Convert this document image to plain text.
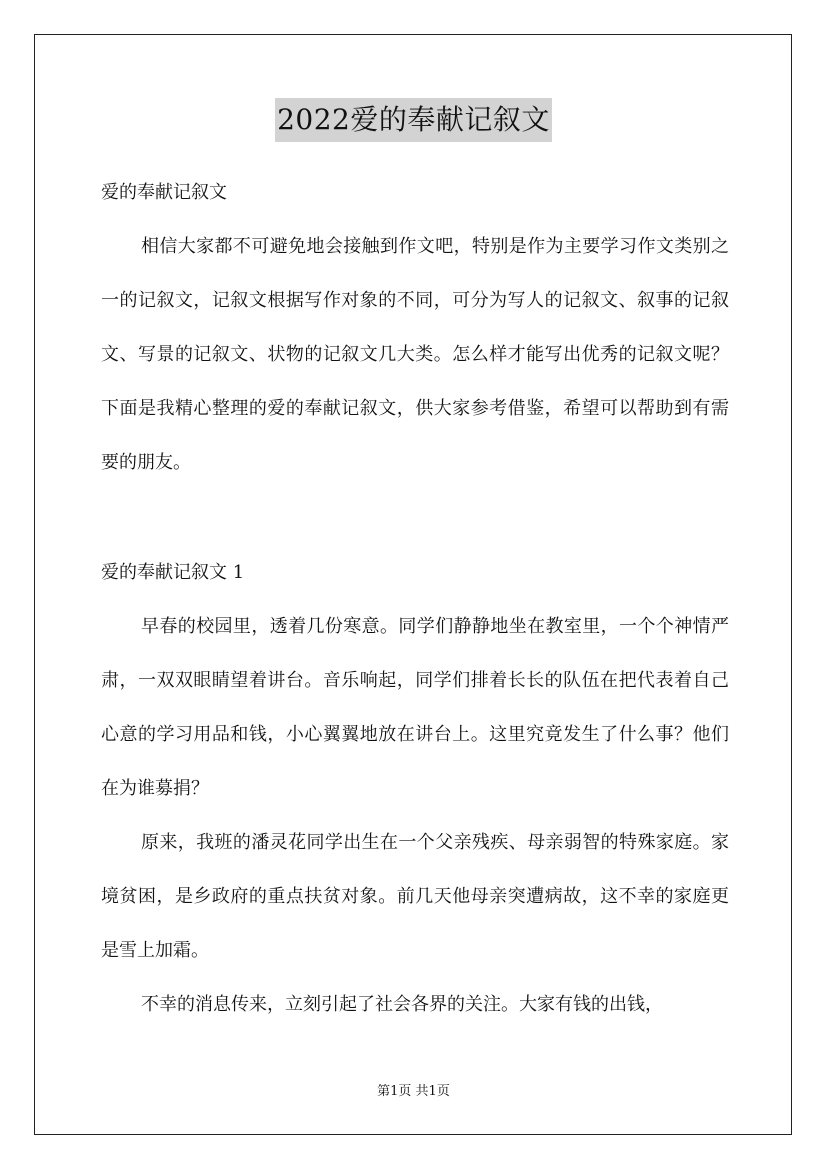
2022爱的奉献记叙文
爱的奉献记叙文

相信大家都不可避免地会接触到作文吧，特别是作为主要学习作文类别之一的记叙文，记叙文根据写作对象的不同，可分为写人的记叙文、叙事的记叙文、写景的记叙文、状物的记叙文几大类。怎么样才能写出优秀的记叙文呢？下面是我精心整理的爱的奉献记叙文，供大家参考借鉴，希望可以帮助到有需要的朋友。

爱的奉献记叙文 1

早春的校园里，透着几份寒意。同学们静静地坐在教室里，一个个神情严肃，一双双眼睛望着讲台。音乐响起，同学们排着长长的队伍在把代表着自己心意的学习用品和钱，小心翼翼地放在讲台上。这里究竟发生了什么事？他们在为谁募捐？

原来，我班的潘灵花同学出生在一个父亲残疾、母亲弱智的特殊家庭。家境贫困，是乡政府的重点扶贫对象。前几天他母亲突遭病故，这不幸的家庭更是雪上加霜。

不幸的消息传来，立刻引起了社会各界的关注。大家有钱的出钱，

第1页 共1页
